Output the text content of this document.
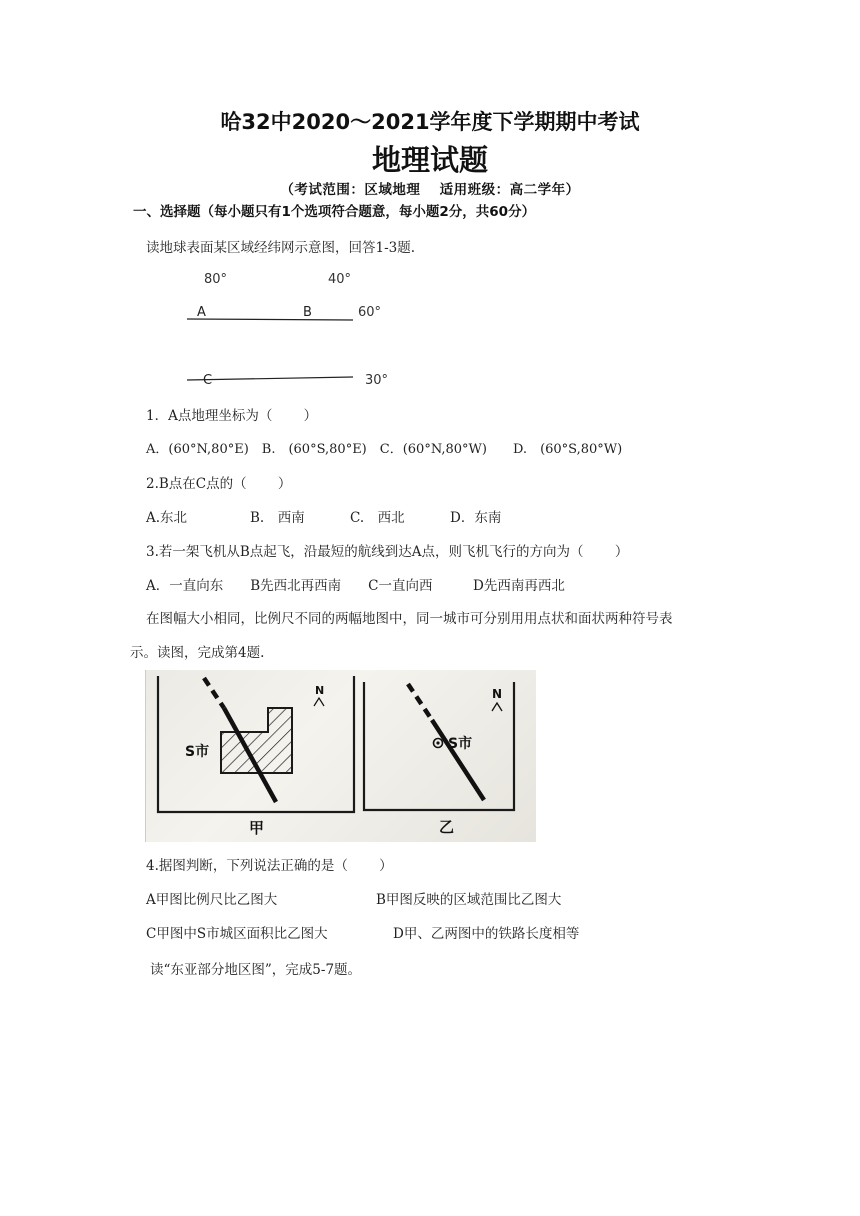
哈32中2020～2021学年度下学期期中考试
地理试题
（考试范围：区域地理　 适用班级：高二学年）
一、选择题（每小题只有1个选项符合题意，每小题2分，共60分）
读地球表面某区域经纬网示意图，回答1-3题.
80°	40°
A	B	60°
C	30°
1．A点地理坐标为（　　 ）
A．(60°N,80°E)　B.　(60°S,80°E)　C．(60°N,80°W)　　D.　(60°S,80°W)
2.B点在C点的（　　 ）
A.东北	B.　西南	C.　西北	D．东南
3.若一架飞机从B点起飞，沿最短的航线到达A点，则飞机飞行的方向为（　　 ）
A．一直向东　　B先西北再西南　　C一直向西　　　D先西南再西北
在图幅大小相同，比例尺不同的两幅地图中，同一城市可分别用用点状和面状两种符号表
示。读图，完成第4题.
S市
N
甲
S市
N
乙
4.据图判断，下列说法正确的是（　　 ）
A甲图比例尺比乙图大	B甲图反映的区域范围比乙图大
C甲图中S市城区面积比乙图大	D甲、乙两图中的铁路长度相等
读“东亚部分地区图”，完成5-7题。
